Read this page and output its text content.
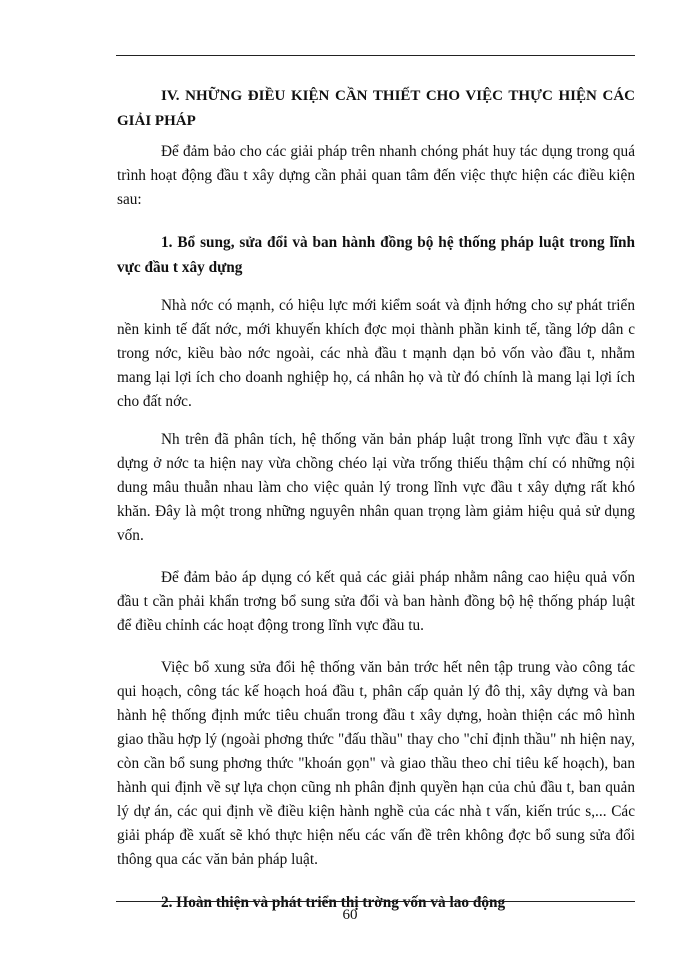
IV. NHỮNG ĐIỀU KIỆN CẦN THIẾT CHO VIỆC THỰC HIỆN CÁC GIẢI PHÁP

Để đảm bảo cho các giải pháp trên nhanh chóng phát huy tác dụng trong quá trình hoạt động đầu t xây dựng cần phải quan tâm đến việc thực hiện các điều kiện sau:

1. Bổ sung, sửa đổi và ban hành đồng bộ hệ thống pháp luật trong lĩnh vực đầu t xây dựng

Nhà nớc có mạnh, có hiệu lực mới kiểm soát và định hớng cho sự phát triển nền kinh tế đất nớc, mới khuyến khích đợc mọi thành phần kinh tế, tầng lớp dân c trong nớc, kiều bào nớc ngoài, các nhà đầu t mạnh dạn bỏ vốn vào đầu t, nhằm mang lại lợi ích cho doanh nghiệp họ, cá nhân họ và từ đó chính là mang lại lợi ích cho đất nớc.

Nh trên đã phân tích, hệ thống văn bản pháp luật trong lĩnh vực đầu t xây dựng ở nớc ta hiện nay vừa chồng chéo lại vừa trống thiếu thậm chí có những nội dung mâu thuẫn nhau làm cho việc quản lý trong lĩnh vực đầu t xây dựng rất khó khăn. Đây là một trong những nguyên nhân quan trọng làm giảm hiệu quả sử dụng vốn.

Để đảm bảo áp dụng có kết quả các giải pháp nhằm nâng cao hiệu quả vốn đầu t cần phải khẩn trơng bổ sung sửa đổi và ban hành đồng bộ hệ thống pháp luật để điều chỉnh các hoạt động trong lĩnh vực đầu tu.

Việc bổ xung sửa đổi hệ thống văn bản trớc hết nên tập trung vào công tác qui hoạch, công tác kế hoạch hoá đầu t, phân cấp quản lý đô thị, xây dựng và ban hành hệ thống định mức tiêu chuẩn trong đầu t xây dựng, hoàn thiện các mô hình giao thầu hợp lý (ngoài phơng thức "đấu thầu" thay cho "chỉ định thầu" nh hiện nay, còn cần bổ sung phơng thức "khoán gọn" và giao thầu theo chỉ tiêu kế hoạch), ban hành qui định về sự lựa chọn cũng nh phân định quyền hạn của chủ đầu t, ban quản lý dự án, các qui định về điều kiện hành nghề của các nhà t vấn, kiến trúc s,... Các giải pháp đề xuất sẽ khó thực hiện nếu các vấn đề trên không đợc bổ sung sửa đổi thông qua các văn bản pháp luật.

2. Hoàn thiện và phát triển thị trờng vốn và lao động

60
